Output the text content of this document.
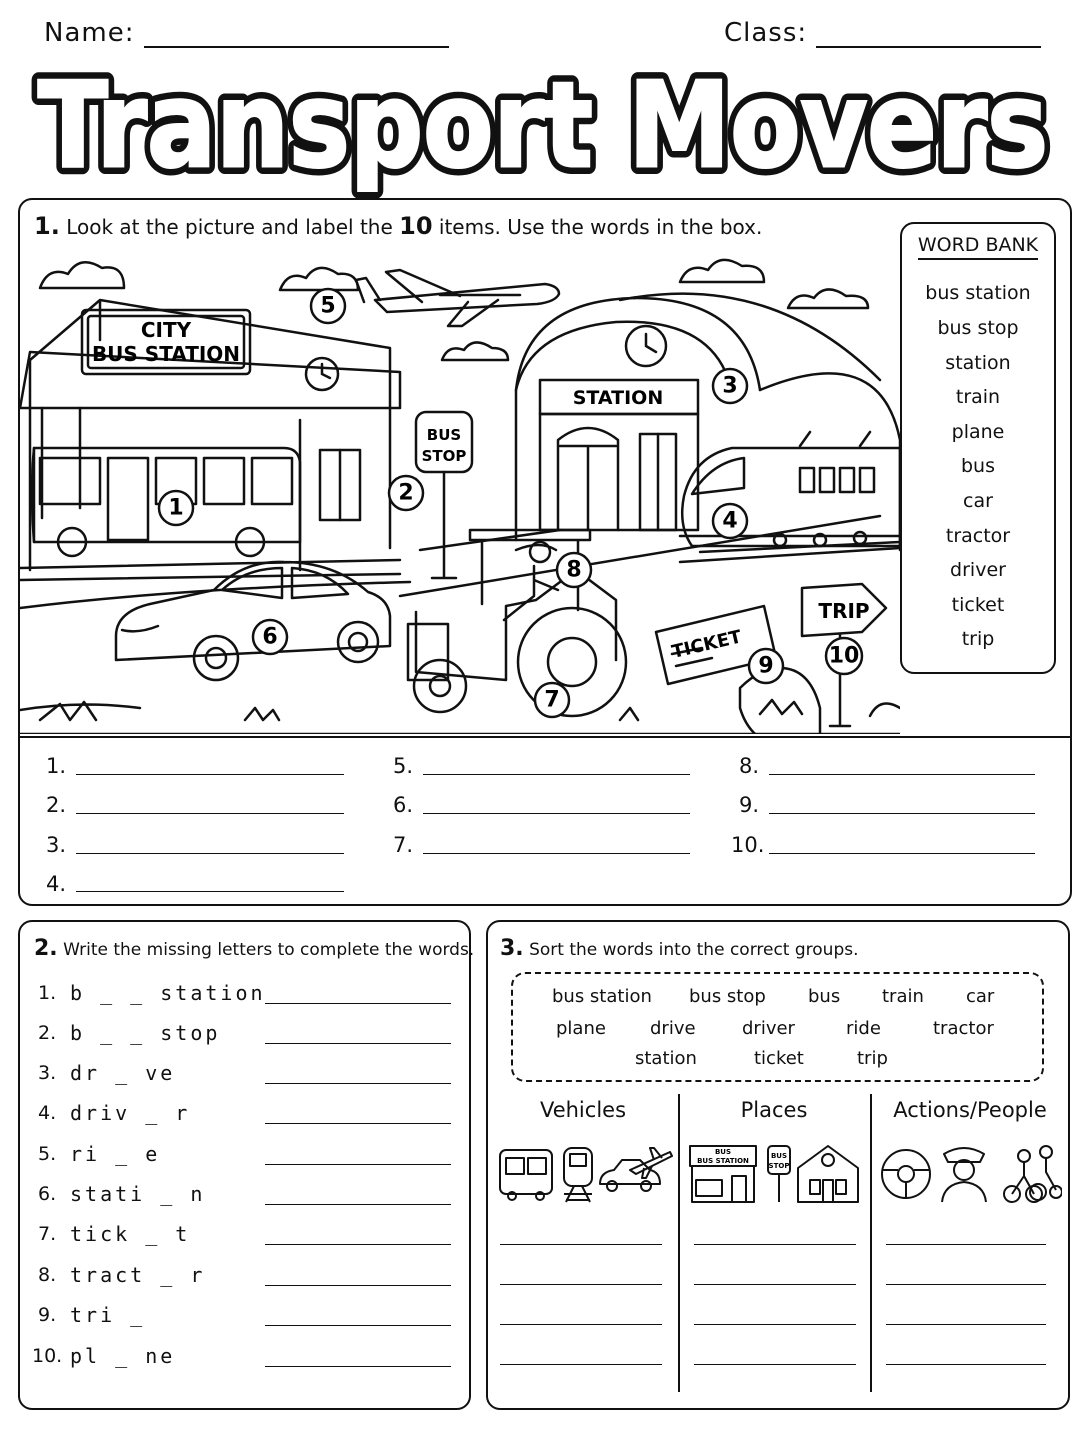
Name:	Class:
Transport Movers
Transport Movers
1. Look at the picture and label the 10 items. Use the words in the box.
CITY
BUS STATION
STATION
BUS
STOP
TICKET
TRIP
1
2
3
4
5
6
7
8
9	10
WORD BANK
bus station
bus stop
station
train
plane
bus
car
tractor
driver
ticket
trip
1.
2.
3.
4.
5.
6.
7.
8.
9.
10.
2. Write the missing letters to complete the words.
1. b _ _ station
2. b _ _ stop
3. dr _ ve
4. driv _ r
5. ri _ e
6. stati _ n
7. tick _ t
8. tract _ r
9. tri _
10. pl _ ne
3. Sort the words into the correct groups.
bus station bus stop bus train car
plane drive	driver	ride	tractor
station	ticket	trip
Vehicles	Places	Actions/People
BUS
BUS STATION
BUS
STOP
